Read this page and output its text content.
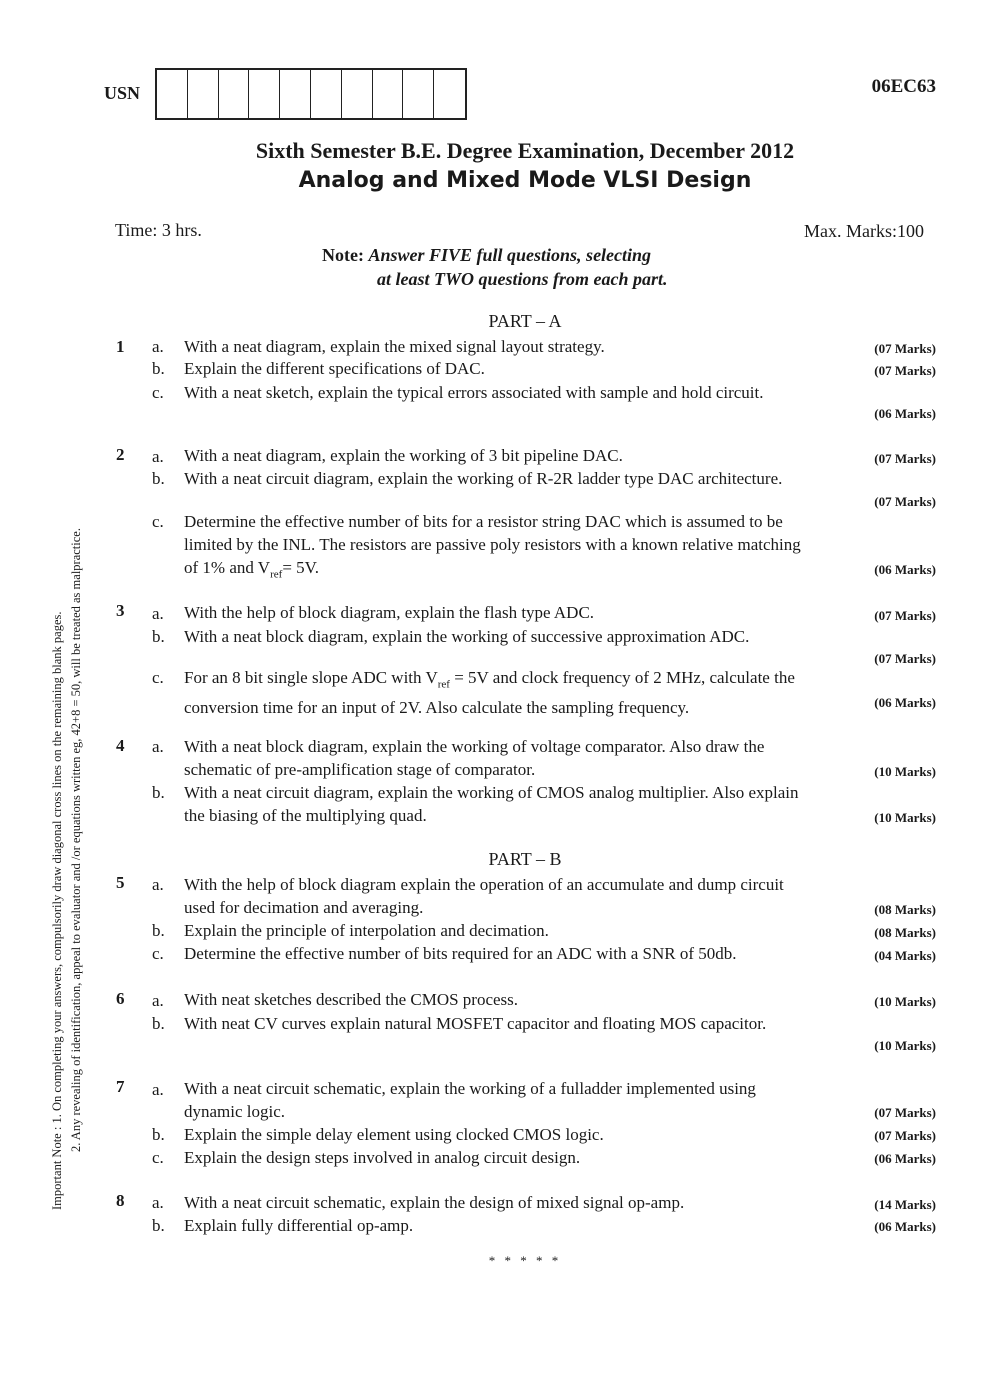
USN	06EC63
Sixth Semester B.E. Degree Examination, December 2012
Analog and Mixed Mode VLSI Design
Time: 3 hrs.	Max. Marks:100
Note: Answer FIVE full questions, selecting
at least TWO questions from each part.
Important Note : 1. On completing your answers, compulsorily draw diagonal cross lines on the remaining blank pages. 2. Any revealing of identification, appeal to evaluator and /or equations written eg, 42+8 = 50, will be treated as malpractice.
PART – A
1 a. With a neat diagram, explain the mixed signal layout strategy.	(07 Marks)
b. Explain the different specifications of DAC.	(07 Marks)
c. With a neat sketch, explain the typical errors associated with sample and hold circuit.
(06 Marks)
2 a. With a neat diagram, explain the working of 3 bit pipeline DAC.	(07 Marks)
b. With a neat circuit diagram, explain the working of R-2R ladder type DAC architecture.
(07 Marks)
c. Determine the effective number of bits for a resistor string DAC which is assumed to be
limited by the INL. The resistors are passive poly resistors with a known relative matching
of 1% and $V_{ref}= 5V$.	(06 Marks)
3 a. With the help of block diagram, explain the flash type ADC.	(07 Marks)
b. With a neat block diagram, explain the working of successive approximation ADC.
(07 Marks)
c. For an 8 bit single slope ADC with $V_{ref} = 5V$ and clock frequency of 2 MHz, calculate the
conversion time for an input of 2V. Also calculate the sampling frequency.	(06 Marks)
4 a. With a neat block diagram, explain the working of voltage comparator. Also draw the
schematic of pre-amplification stage of comparator.	(10 Marks)
b. With a neat circuit diagram, explain the working of CMOS analog multiplier. Also explain
the biasing of the multiplying quad.	(10 Marks)
PART – B
5 a. With the help of block diagram explain the operation of an accumulate and dump circuit
used for decimation and averaging.	(08 Marks)
b. Explain the principle of interpolation and decimation.	(08 Marks)
c. Determine the effective number of bits required for an ADC with a SNR of 50db.	(04 Marks)
6 a. With neat sketches described the CMOS process.	(10 Marks)
b. With neat CV curves explain natural MOSFET capacitor and floating MOS capacitor.
(10 Marks)
7 a. With a neat circuit schematic, explain the working of a fulladder implemented using
dynamic logic.	(07 Marks)
b. Explain the simple delay element using clocked CMOS logic.	(07 Marks)
c. Explain the design steps involved in analog circuit design.	(06 Marks)
8 a. With a neat circuit schematic, explain the design of mixed signal op-amp.	(14 Marks)
b. Explain fully differential op-amp.	(06 Marks)
* * * * *
